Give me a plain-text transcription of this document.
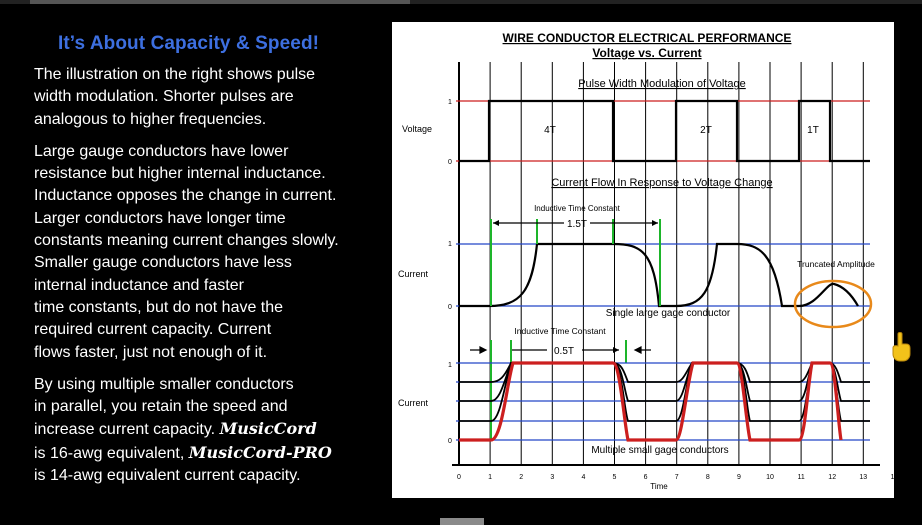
It’s About Capacity & Speed!

The illustration on the right shows pulse
width modulation. Shorter pulses are
analogous to higher frequencies.

Large gauge conductors have lower
resistance but higher internal inductance.
Inductance opposes the change in current.
Larger conductors have longer time
constants meaning current changes slowly.
Smaller gauge conductors have less
internal inductance and faster
time constants, but do not have the
required current capacity. Current
flows faster, just not enough of it.

By using multiple smaller conductors
in parallel, you retain the speed and
increase current capacity. MusicCord
is 16-awg equivalent, MusicCord-PRO
is 14-awg equivalent current capacity.

WIRE CONDUCTOR ELECTRICAL PERFORMANCE
Voltage vs. Current
Pulse Width Modulation of Voltage
Voltage
1
0
4T	2T	1T
Current Flow In Response to Voltage Change
Current
1
0
Inductive Time Constant
1.5T
Truncated Amplitude
Single large gage conductor
Inductive Time Constant
0.5T
Current
1
0
Multiple small gage conductors
0	1	2	3	4	5	6	7	8	9	10	11	12	13	14
Time
